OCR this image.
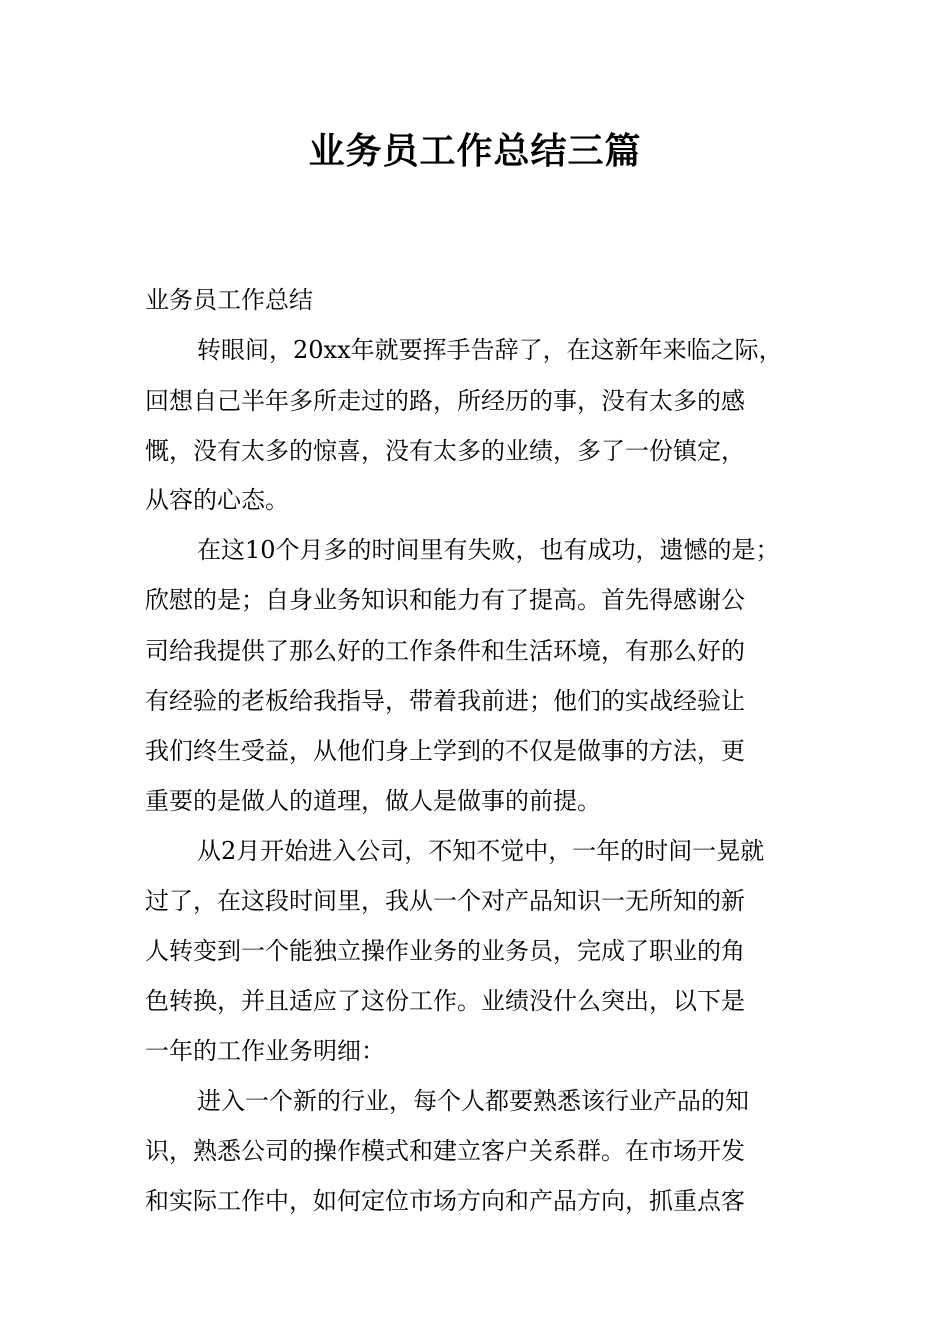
业务员工作总结三篇

业务员工作总结

转眼间，20xx年就要挥手告辞了，在这新年来临之际，

回想自己半年多所走过的路，所经历的事，没有太多的感

慨，没有太多的惊喜，没有太多的业绩，多了一份镇定，

从容的心态。

在这10个月多的时间里有失败，也有成功，遗憾的是；

欣慰的是；自身业务知识和能力有了提高。首先得感谢公

司给我提供了那么好的工作条件和生活环境，有那么好的

有经验的老板给我指导，带着我前进；他们的实战经验让

我们终生受益，从他们身上学到的不仅是做事的方法，更

重要的是做人的道理，做人是做事的前提。

从2月开始进入公司，不知不觉中，一年的时间一晃就

过了，在这段时间里，我从一个对产品知识一无所知的新

人转变到一个能独立操作业务的业务员，完成了职业的角

色转换，并且适应了这份工作。业绩没什么突出，以下是

一年的工作业务明细：

进入一个新的行业，每个人都要熟悉该行业产品的知

识，熟悉公司的操作模式和建立客户关系群。在市场开发

和实际工作中，如何定位市场方向和产品方向，抓重点客
